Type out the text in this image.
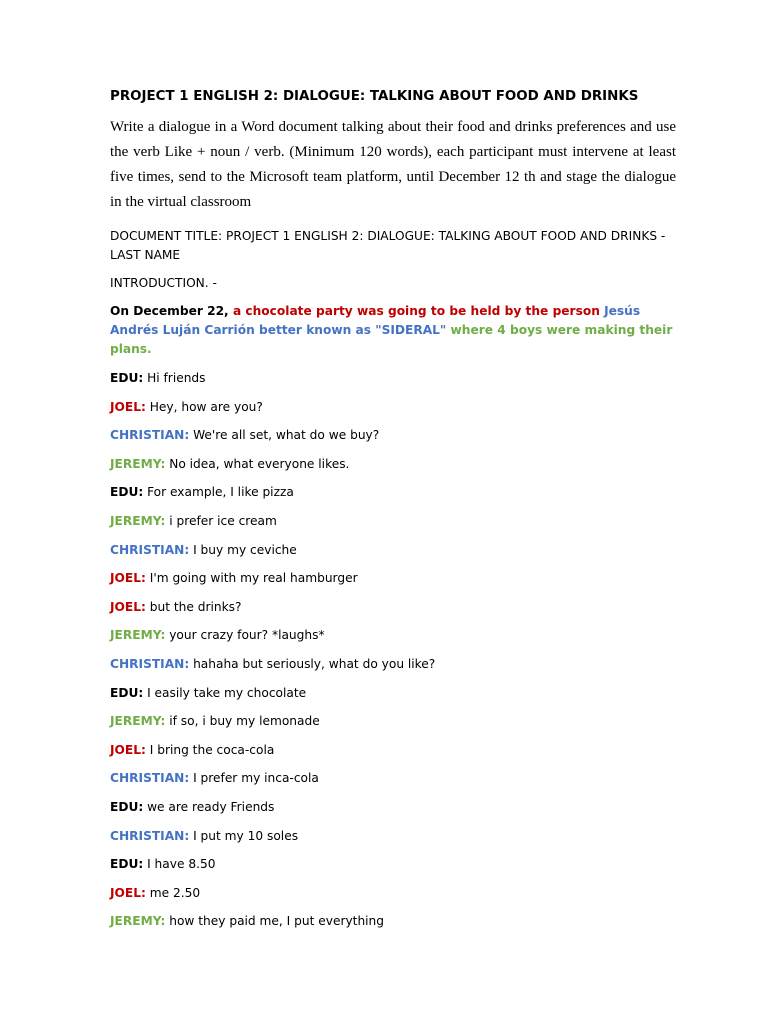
PROJECT 1 ENGLISH 2: DIALOGUE: TALKING ABOUT FOOD AND DRINKS

Write a dialogue in a Word document talking about their food and drinks preferences and use the verb Like + noun / verb. (Minimum 120 words), each participant must intervene at least five times, send to the Microsoft team platform, until December 12 th and stage the dialogue in the virtual classroom

DOCUMENT TITLE: PROJECT 1 ENGLISH 2: DIALOGUE: TALKING ABOUT FOOD AND DRINKS - LAST NAME

INTRODUCTION. -

On December 22, a chocolate party was going to be held by the person Jesús Andrés Luján Carrión better known as "SIDERAL" where 4 boys were making their plans.

EDU: Hi friends
JOEL: Hey, how are you?
CHRISTIAN: We're all set, what do we buy?
JEREMY: No idea, what everyone likes.
EDU: For example, I like pizza
JEREMY: i prefer ice cream
CHRISTIAN: I buy my ceviche
JOEL: I'm going with my real hamburger
JOEL: but the drinks?
JEREMY: your crazy four? *laughs*
CHRISTIAN: hahaha but seriously, what do you like?
EDU: I easily take my chocolate
JEREMY: if so, i buy my lemonade
JOEL: I bring the coca-cola
CHRISTIAN: I prefer my inca-cola
EDU: we are ready Friends
CHRISTIAN: I put my 10 soles
EDU: I have 8.50
JOEL: me 2.50
JEREMY: how they paid me, I put everything
